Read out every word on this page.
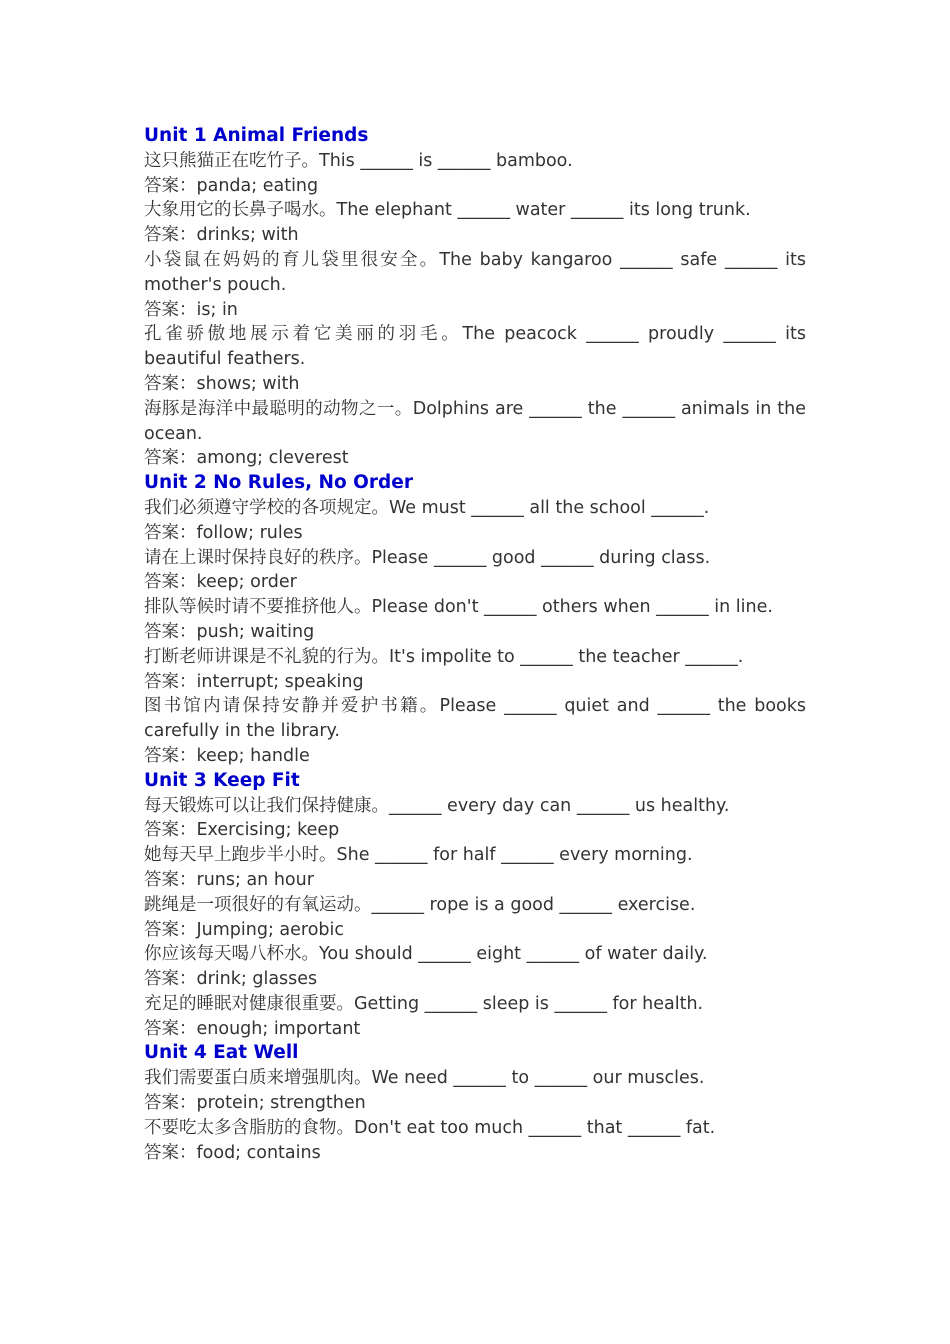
Unit 1 Animal Friends
这只熊猫正在吃竹子。This ______ is ______ bamboo.
答案：panda; eating
大象用它的长鼻子喝水。The elephant ______ water ______ its long trunk.
答案：drinks; with
小袋鼠在妈妈的育儿袋里很安全。The baby kangaroo ______ safe ______ its mother's pouch.
答案：is; in
孔雀骄傲地展示着它美丽的羽毛。The peacock ______ proudly ______ its beautiful feathers.
答案：shows; with
海豚是海洋中最聪明的动物之一。Dolphins are ______ the ______ animals in the ocean.
答案：among; cleverest
Unit 2 No Rules, No Order
我们必须遵守学校的各项规定。We must ______ all the school ______.
答案：follow; rules
请在上课时保持良好的秩序。Please ______ good ______ during class.
答案：keep; order
排队等候时请不要推挤他人。Please don't ______ others when ______ in line.
答案：push; waiting
打断老师讲课是不礼貌的行为。It's impolite to ______ the teacher ______.
答案：interrupt; speaking
图书馆内请保持安静并爱护书籍。Please ______ quiet and ______ the books carefully in the library.
答案：keep; handle
Unit 3 Keep Fit
每天锻炼可以让我们保持健康。______ every day can ______ us healthy.
答案：Exercising; keep
她每天早上跑步半小时。She ______ for half ______ every morning.
答案：runs; an hour
跳绳是一项很好的有氧运动。______ rope is a good ______ exercise.
答案：Jumping; aerobic
你应该每天喝八杯水。You should ______ eight ______ of water daily.
答案：drink; glasses
充足的睡眠对健康很重要。Getting ______ sleep is ______ for health.
答案：enough; important
Unit 4 Eat Well
我们需要蛋白质来增强肌肉。We need ______ to ______ our muscles.
答案：protein; strengthen
不要吃太多含脂肪的食物。Don't eat too much ______ that ______ fat.
答案：food; contains
